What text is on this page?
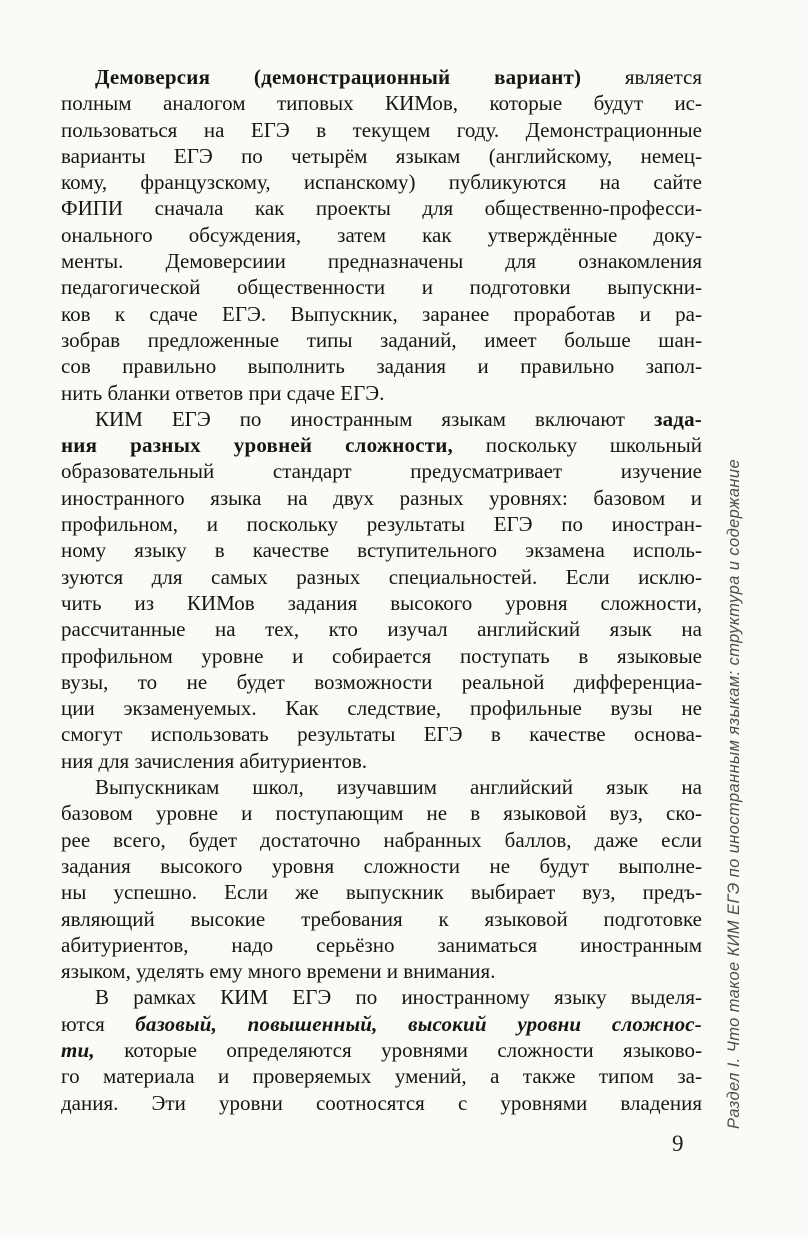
Демоверсия (демонстрационный вариант) является
полным аналогом типовых КИМов, которые будут ис-
пользоваться на ЕГЭ в текущем году. Демонстрационные
варианты ЕГЭ по четырём языкам (английскому, немец-
кому, французскому, испанскому) публикуются на сайте
ФИПИ сначала как проекты для общественно-професси-
онального обсуждения, затем как утверждённые доку-
менты. Демоверсиии предназначены для ознакомления
педагогической общественности и подготовки выпускни-
ков к сдаче ЕГЭ. Выпускник, заранее проработав и ра-
зобрав предложенные типы заданий, имеет больше шан-
сов правильно выполнить задания и правильно запол-
нить бланки ответов при сдаче ЕГЭ.
КИМ ЕГЭ по иностранным языкам включают зада-
ния разных уровней сложности, поскольку школьный
образовательный стандарт предусматривает изучение
иностранного языка на двух разных уровнях: базовом и
профильном, и поскольку результаты ЕГЭ по иностран-
ному языку в качестве вступительного экзамена исполь-
зуются для самых разных специальностей. Если исклю-
чить из КИМов задания высокого уровня сложности,
рассчитанные на тех, кто изучал английский язык на
профильном уровне и собирается поступать в языковые
вузы, то не будет возможности реальной дифференциа-
ции экзаменуемых. Как следствие, профильные вузы не
смогут использовать результаты ЕГЭ в качестве основа-
ния для зачисления абитуриентов.
Выпускникам школ, изучавшим английский язык на
базовом уровне и поступающим не в языковой вуз, ско-
рее всего, будет достаточно набранных баллов, даже если
задания высокого уровня сложности не будут выполне-
ны успешно. Если же выпускник выбирает вуз, предъ-
являющий высокие требования к языковой подготовке
абитуриентов, надо серьёзно заниматься иностранным
языком, уделять ему много времени и внимания.
В рамках КИМ ЕГЭ по иностранному языку выделя-
ются базовый, повышенный, высокий уровни сложнос-
ти, которые определяются уровнями сложности языково-
го материала и проверяемых умений, а также типом за-
дания. Эти уровни соотносятся с уровнями владения	Раздел I. Что такое КИМ ЕГЭ по иностранным языкам: структура и содержание
9
